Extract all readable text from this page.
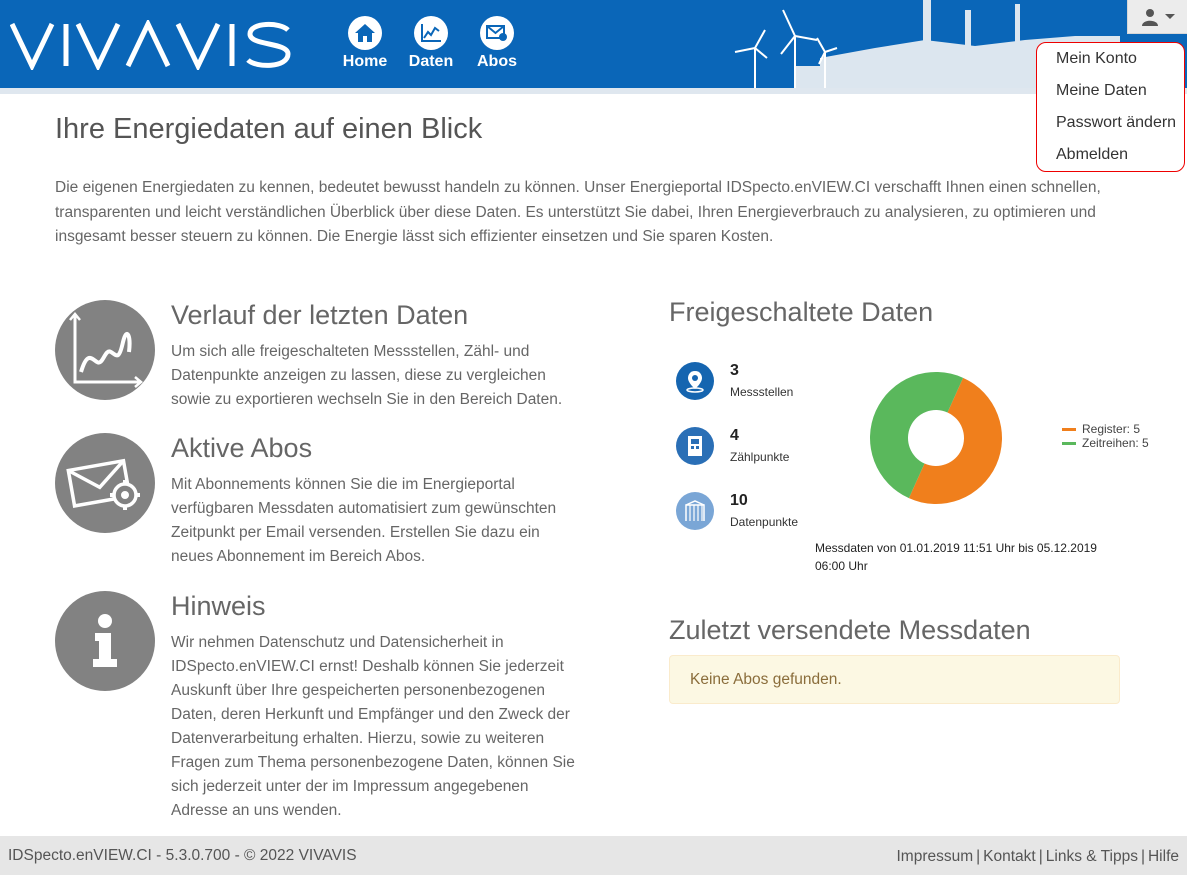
Home Daten Abos	Mein Konto
Meine Daten
Passwort ändern
Abmelden
Ihre Energiedaten auf einen Blick

Die eigenen Energiedaten zu kennen, bedeutet bewusst handeln zu können. Unser Energieportal IDSpecto.enVIEW.CI verschafft Ihnen einen schnellen, transparenten und leicht verständlichen Überblick über diese Daten. Es unterstützt Sie dabei, Ihren Energieverbrauch zu analysieren, zu optimieren und insgesamt besser steuern zu können. Die Energie lässt sich effizienter einsetzen und Sie sparen Kosten.

Verlauf der letzten Daten

Um sich alle freigeschalteten Messstellen, Zähl- und Datenpunkte anzeigen zu lassen, diese zu vergleichen sowie zu exportieren wechseln Sie in den Bereich Daten.

Aktive Abos

Mit Abonnements können Sie die im Energieportal verfügbaren Messdaten automatisiert zum gewünschten Zeitpunkt per Email versenden. Erstellen Sie dazu ein neues Abonnement im Bereich Abos.

Hinweis

Wir nehmen Datenschutz und Datensicherheit in IDSpecto.enVIEW.CI ernst! Deshalb können Sie jederzeit Auskunft über Ihre gespeicherten personenbezogenen Daten, deren Herkunft und Empfänger und den Zweck der Datenverarbeitung erhalten. Hierzu, sowie zu weiteren Fragen zum Thema personenbezogene Daten, können Sie sich jederzeit unter der im Impressum angegebenen Adresse an uns wenden.

Freigeschaltete Daten
3
Messstellen
4
Zählpunkte
10
Datenpunkte
Register: 5
Zeitreihen: 5
Messdaten von 01.01.2019 11:51 Uhr bis 05.12.2019 06:00 Uhr
Zuletzt versendete Messdaten
Keine Abos gefunden.
IDSpecto.enVIEW.CI - 5.3.0.700 - © 2022 VIVAVIS	Impressum | Kontakt | Links & Tipps | Hilfe
